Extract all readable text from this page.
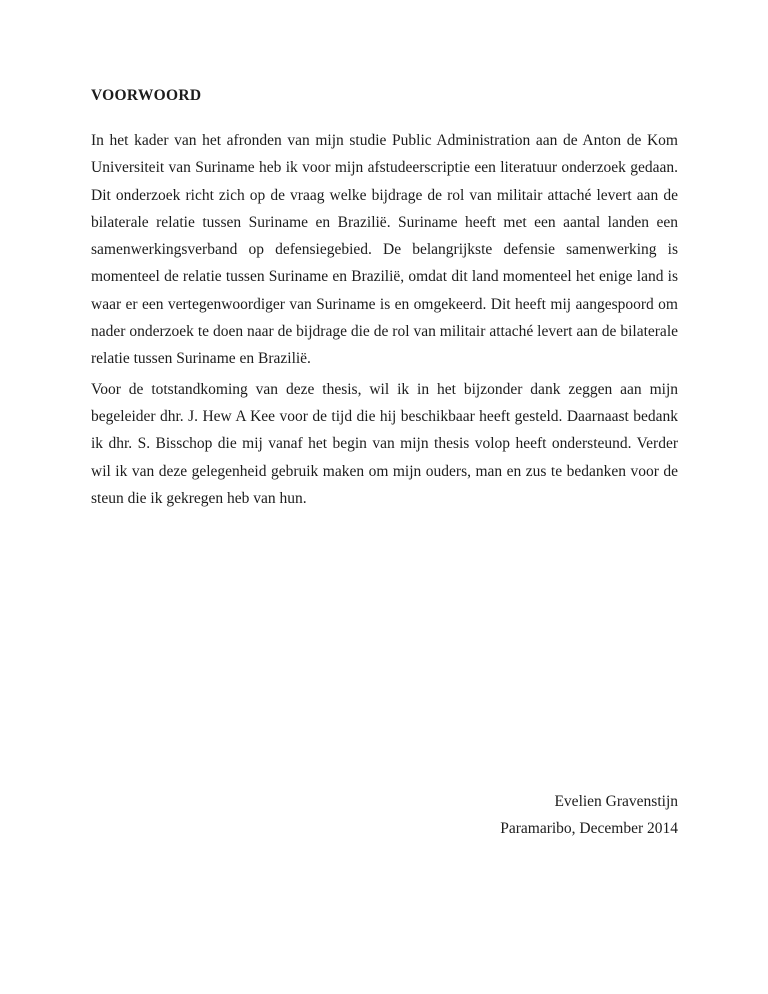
VOORWOORD

In het kader van het afronden van mijn studie Public Administration aan de Anton de Kom Universiteit van Suriname heb ik voor mijn afstudeerscriptie een literatuur onderzoek gedaan. Dit onderzoek richt zich op de vraag welke bijdrage de rol van militair attaché levert aan de bilaterale relatie tussen Suriname en Brazilië. Suriname heeft met een aantal landen een samenwerkingsverband op defensiegebied. De belangrijkste defensie samenwerking is momenteel de relatie tussen Suriname en Brazilië, omdat dit land momenteel het enige land is waar er een vertegenwoordiger van Suriname is en omgekeerd. Dit heeft mij aangespoord om nader onderzoek te doen naar de bijdrage die de rol van militair attaché levert aan de bilaterale relatie tussen Suriname en Brazilië.

Voor de totstandkoming van deze thesis, wil ik in het bijzonder dank zeggen aan mijn begeleider dhr. J. Hew A Kee voor de tijd die hij beschikbaar heeft gesteld. Daarnaast bedank ik dhr. S. Bisschop die mij vanaf het begin van mijn thesis volop heeft ondersteund. Verder wil ik van deze gelegenheid gebruik maken om mijn ouders, man en zus te bedanken voor de steun die ik gekregen heb van hun.

Evelien Gravenstijn

Paramaribo, December 2014
